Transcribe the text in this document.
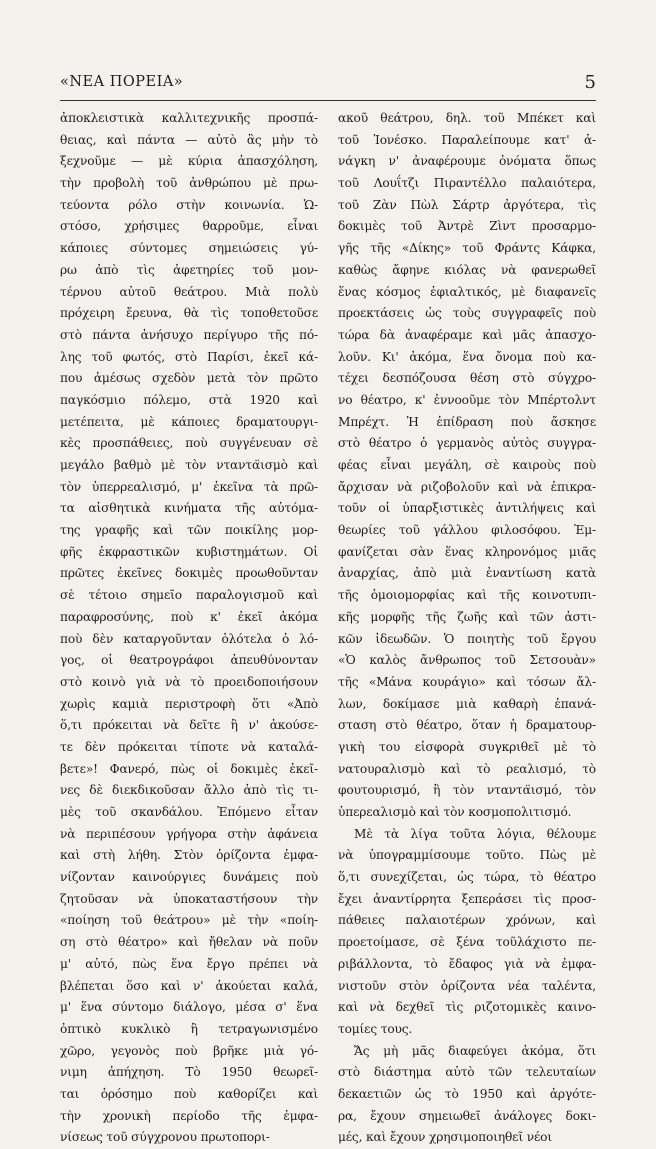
«ΝΕΑ ΠΟΡΕΙΑ»	5
ἀποκλειστικὰ καλλιτεχνικῆς προσπά-
θειας, καὶ πάντα — αὐτὸ ἂς μὴν τὸ
ξεχνοῦμε — μὲ κύρια ἀπασχόληση,
τὴν προβολὴ τοῦ ἀνθρώπου μὲ πρω-
τεύοντα ρόλο στὴν κοινωνία. Ὡ-
στόσο, χρήσιμες θαρροῦμε, εἶναι
κάποιες σύντομες σημειώσεις γύ-
ρω ἀπὸ τὶς ἀφετηρίες τοῦ μον-
τέρνου αὐτοῦ θεάτρου. Μιὰ πολὺ
πρόχειρη ἔρευνα, θὰ τὶς τοποθετοῦσε
στὸ πάντα ἀνήσυχο περίγυρο τῆς πό-
λης τοῦ φωτός, στὸ Παρίσι, ἐκεῖ κά-
που ἀμέσως σχεδὸν μετὰ τὸν πρῶτο
παγκόσμιο πόλεμο, στὰ 1920 καὶ
μετέπειτα, μὲ κάποιες δραματουργι-
κὲς προσπάθειες, ποὺ συγγένευαν σὲ
μεγάλο βαθμὸ μὲ τὸν νταντα̈ισμὸ καὶ
τὸν ὑπερρεαλισμό, μ' ἐκεῖνα τὰ πρῶ-
τα αἰσθητικὰ κινήματα τῆς αὐτόμα-
της γραφῆς καὶ τῶν ποικίλης μορ-
φῆς ἐκφραστικῶν κυβιστημάτων. Οἱ
πρῶτες ἐκεῖνες δοκιμὲς προωθοῦνταν
σὲ τέτοιο σημεῖο παραλογισμοῦ καὶ
παραφροσύνης, ποὺ κ' ἐκεῖ ἀκόμα
ποὺ δὲν καταργοῦνταν ὁλότελα ὁ λό-
γος, οἱ θεατρογράφοι ἀπευθύνονταν
στὸ κοινὸ γιὰ νὰ τὸ προειδοποιήσουν
χωρὶς καμιὰ περιστροφὴ ὅτι «Ἀπὸ
ὅ,τι πρόκειται νὰ δεῖτε ἢ ν' ἀκούσε-
τε δὲν πρόκειται τίποτε νὰ καταλά-
βετε»! Φανερό, πὼς οἱ δοκιμὲς ἐκεῖ-
νες δὲ διεκδικοῦσαν ἄλλο ἀπὸ τὶς τι-
μὲς τοῦ σκανδάλου. Ἐπόμενο εἶταν
νὰ περιπέσουν γρήγορα στὴν ἀφάνεια
καὶ στὴ λήθη. Στὸν ὁρίζοντα ἐμφα-
νίζονταν καινούργιες δυνάμεις ποὺ
ζητοῦσαν νὰ ὑποκαταστήσουν τὴν
«ποίηση τοῦ θεάτρου» μὲ τὴν «ποίη-
ση στὸ θέατρο» καὶ ἤθελαν νὰ ποῦν
μ' αὐτό, πὼς ἕνα ἔργο πρέπει νὰ
βλέπεται ὅσο καὶ ν' ἀκούεται καλά,
μ' ἕνα σύντομο διάλογο, μέσα σ' ἕνα
ὀπτικὸ κυκλικὸ ἢ τετραγωνισμένο
χῶρο, γεγονὸς ποὺ βρῆκε μιὰ γό-
νιμη ἀπήχηση. Τὸ 1950 θεωρεῖ-
ται ὁρόσημο ποὺ καθορίζει καὶ
τὴν χρονικὴ περίοδο τῆς ἐμφα-
νίσεως τοῦ σύγχρονου πρωτοπορι-
ακοῦ θεάτρου, δηλ. τοῦ Μπέκετ καὶ
τοῦ Ἰονέσκο. Παραλείπουμε κατ' ἀ-
νάγκη ν' ἀναφέρουμε ὀνόματα ὅπως
τοῦ Λουΐτζι Πιραντέλλο παλαιότερα,
τοῦ Ζὰν Πὼλ Σάρτρ ἀργότερα, τὶς
δοκιμὲς τοῦ Ἀντρὲ Ζὶντ προσαρμο-
γῆς τῆς «Δίκης» τοῦ Φράντς Κάφκα,
καθὼς ἄφηνε κιόλας νὰ φανερωθεῖ
ἕνας κόσμος ἐφιαλτικός, μὲ διαφανεῖς
προεκτάσεις ὡς τοὺς συγγραφεῖς ποὺ
τώρα δὰ ἀναφέραμε καὶ μᾶς ἀπασχο-
λοῦν. Κι' ἀκόμα, ἕνα ὄνομα ποὺ κα-
τέχει δεσπόζουσα θέση στὸ σύγχρο-
νο θέατρο, κ' ἐννοοῦμε τὸν Μπέρτολντ
Μπρέχτ. Ἡ ἐπίδραση ποὺ ἄσκησε
στὸ θέατρο ὁ γερμανὸς αὐτὸς συγγρα-
φέας εἶναι μεγάλη, σὲ καιροὺς ποὺ
ἄρχισαν νὰ ριζοβολοῦν καὶ νὰ ἐπικρα-
τοῦν οἱ ὑπαρξιστικὲς ἀντιλήψεις καὶ
θεωρίες τοῦ γάλλου φιλοσόφου. Ἐμ-
φανίζεται σὰν ἕνας κληρονόμος μιᾶς
ἀναρχίας, ἀπὸ μιὰ ἐναντίωση κατὰ
τῆς ὁμοιομορφίας καὶ τῆς κοινοτυπι-
κῆς μορφῆς τῆς ζωῆς καὶ τῶν ἀστι-
κῶν ἰδεωδῶν. Ὁ ποιητὴς τοῦ ἔργου
«Ὁ καλὸς ἄνθρωπος τοῦ Σετσουὰν»
τῆς «Μάνα κουράγιο» καὶ τόσων ἄλ-
λων, δοκίμασε μιὰ καθαρὴ ἐπανά-
σταση στὸ θέατρο, ὅταν ἡ δραματουρ-
γικὴ του εἰσφορὰ συγκριθεῖ μὲ τὸ
νατουραλισμὸ καὶ τὸ ρεαλισμό, τὸ
φουτουρισμό, ἢ τὸν νταντα̈ισμό, τὸν
ὑπερεαλισμὸ καὶ τὸν κοσμοπολιτισμό.
Μὲ τὰ λίγα τοῦτα λόγια, θέλουμε
νὰ ὑπογραμμίσουμε τοῦτο. Πὼς μὲ
ὅ,τι συνεχίζεται, ὡς τώρα, τὸ θέατρο
ἔχει ἀναντίρρητα ξεπεράσει τὶς προσ-
πάθειες παλαιοτέρων χρόνων, καὶ
προετοίμασε, σὲ ξένα τοῦλάχιστο πε-
ριβάλλοντα, τὸ ἔδαφος γιὰ νὰ ἐμφα-
νιστοῦν στὸν ὁρίζοντα νέα ταλέντα,
καὶ νὰ δεχθεῖ τὶς ριζοτομικὲς καινο-
τομίες τους.
Ἄς μὴ μᾶς διαφεύγει ἀκόμα, ὅτι
στὸ διάστημα αὐτὸ τῶν τελευταίων
δεκαετιῶν ὡς τὸ 1950 καὶ ἀργότε-
ρα, ἔχουν σημειωθεῖ ἀνάλογες δοκι-
μές, καὶ ἔχουν χρησιμοποιηθεῖ νέοι
